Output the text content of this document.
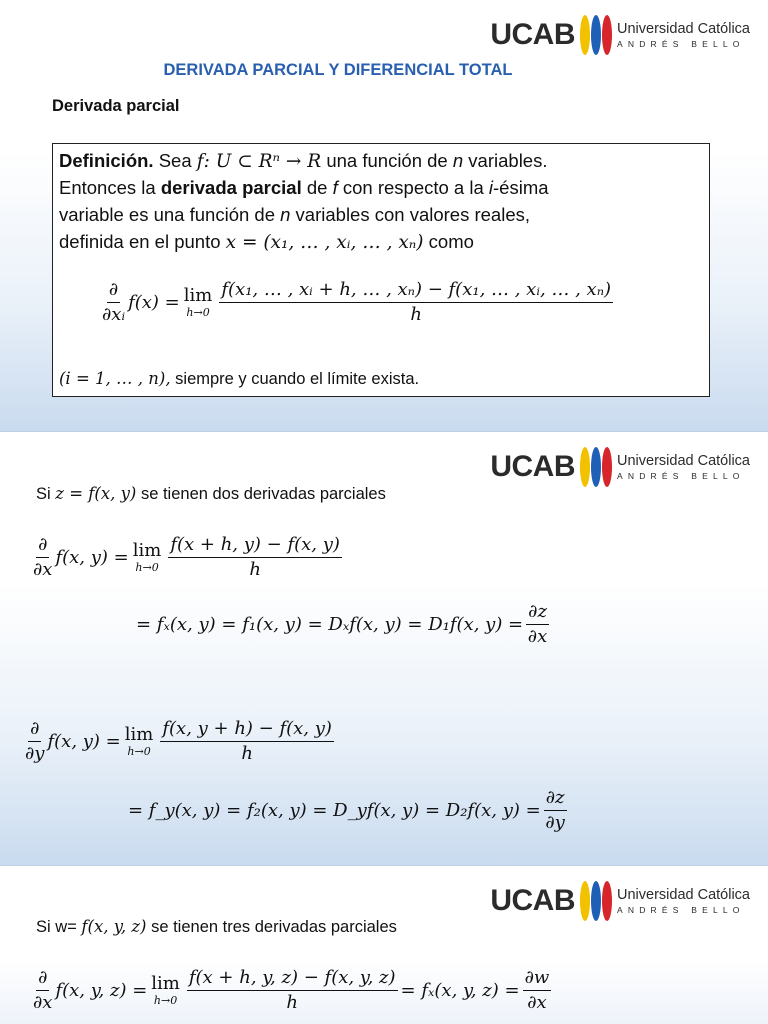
UCAB	Universidad Católica
ANDRÉS BELLO
DERIVADA PARCIAL Y DIFERENCIAL TOTAL
Derivada parcial
Definición. Sea f: U ⊂ Rⁿ → R una función de n variables.
Entonces la derivada parcial de f con respecto a la i-ésima
variable es una función de n variables con valores reales,
definida en el punto x = (x₁, … , xᵢ, … , xₙ) como
$\frac{\partial}{\text{∂xᵢ}} f(x) = \lim$
$h\to 0 \frac{\text{f(x₁, … , xᵢ + h, … , xₙ) − f(x₁, … , xᵢ, … , xₙ)}}{h}$
(i = 1, … , n), siempre y cuando el límite exista.
UCAB	Universidad Católica
ANDRÉS BELLO
Si z = f(x, y) se tienen dos derivadas parciales
$\frac{\partial}{\partial x} f(x$, y) = lim
$h\to 0 \frac{f(x + h, y) - f(x, y)}{h}$
= fₓ(x, y) = f₁(x, y) = Dₓf(x, y) = D₁f(x, $y) = \frac{\partial z}{\partial x}$
$\frac{\partial}{\partial y} f(x$, y) = lim
$h\to 0 \frac{f(x, y + h) - f(x, y)}{h}$
= f_y(x, y) = f₂(x, y) = D_yf(x, y) = D₂f(x, $y) = \frac{\partial z}{\partial y}$
UCAB	Universidad Católica
ANDRÉS BELLO
Si w= f(x, y, z) se tienen tres derivadas parciales
$\frac{\partial}{\partial x} f(x$, y, z) = lim
$h\to 0 \frac{f(x + h, y, z) - f(x, y, z)}{h} = f_x(x$, y, $z) = \frac{\partial w}{\partial x}$
